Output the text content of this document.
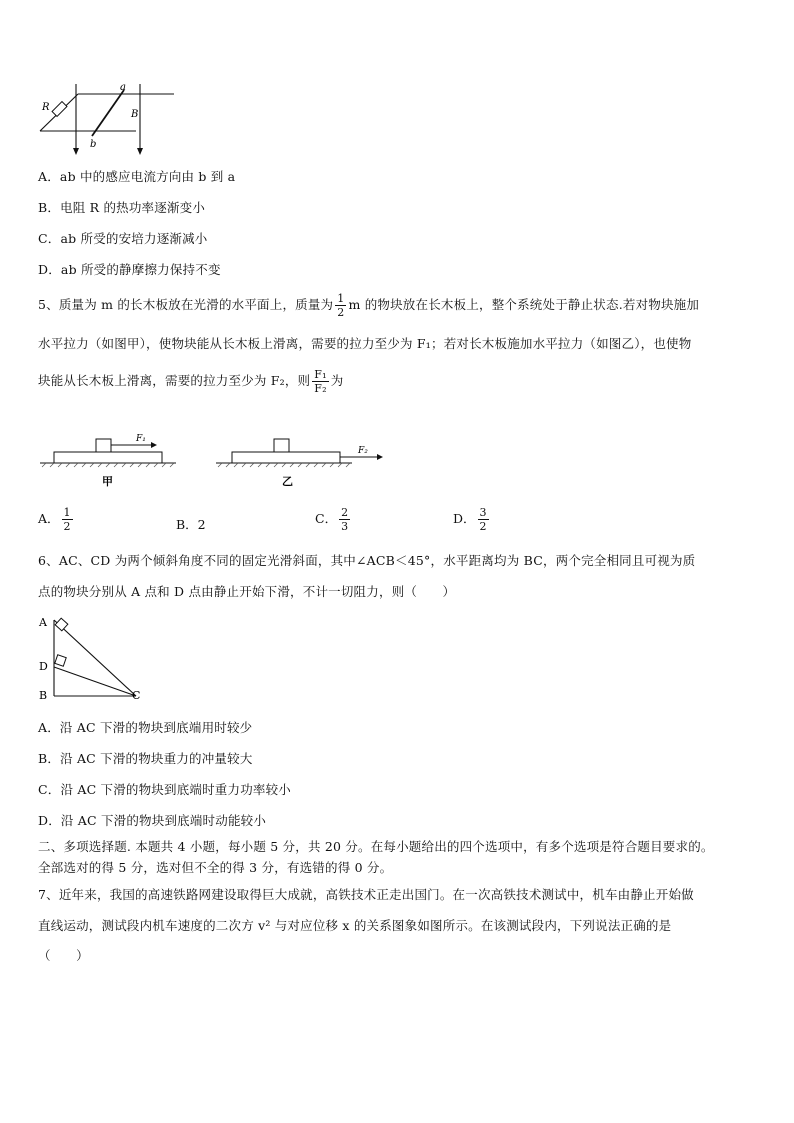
R
a
b
B
A．ab 中的感应电流方向由 b 到 a
B．电阻 R 的热功率逐渐变小
C．ab 所受的安培力逐渐减小
D．ab 所受的静摩擦力保持不变
5、质量为 m 的长木板放在光滑的水平面上，质量为 $\frac{1}{2}$ m 的物块放在长木板上，整个系统处于静止状态.若对物块施加
水平拉力（如图甲），使物块能从长木板上滑离，需要的拉力至少为 F₁；若对长木板施加水平拉力（如图乙），也使物
块能从长木板上滑离，需要的拉力至少为 F₂，则 $\frac{\text{F₁}}{\text{F₂}}$ 为
F₁
甲
F₂
乙
A． $\frac{1}{2}$	B．2	C． $\frac{2}{3}$	D． $\frac{3}{2}$
6、AC、CD 为两个倾斜角度不同的固定光滑斜面，其中∠ACB＜45°，水平距离均为 BC，两个完全相同且可视为质
点的物块分别从 A 点和 D 点由静止开始下滑，不计一切阻力，则（　　）
A
D
B	C
A．沿 AC 下滑的物块到底端用时较少
B．沿 AC 下滑的物块重力的冲量较大
C．沿 AC 下滑的物块到底端时重力功率较小
D．沿 AC 下滑的物块到底端时动能较小
二、多项选择题. 本题共 4 小题，每小题 5 分，共 20 分。在每小题给出的四个选项中，有多个选项是符合题目要求的。
全部选对的得 5 分，选对但不全的得 3 分，有选错的得 0 分。
7、近年来，我国的高速铁路网建设取得巨大成就，高铁技术正走出国门。在一次高铁技术测试中，机车由静止开始做
直线运动，测试段内机车速度的二次方 v² 与对应位移 x 的关系图象如图所示。在该测试段内，下列说法正确的是
（　　）
